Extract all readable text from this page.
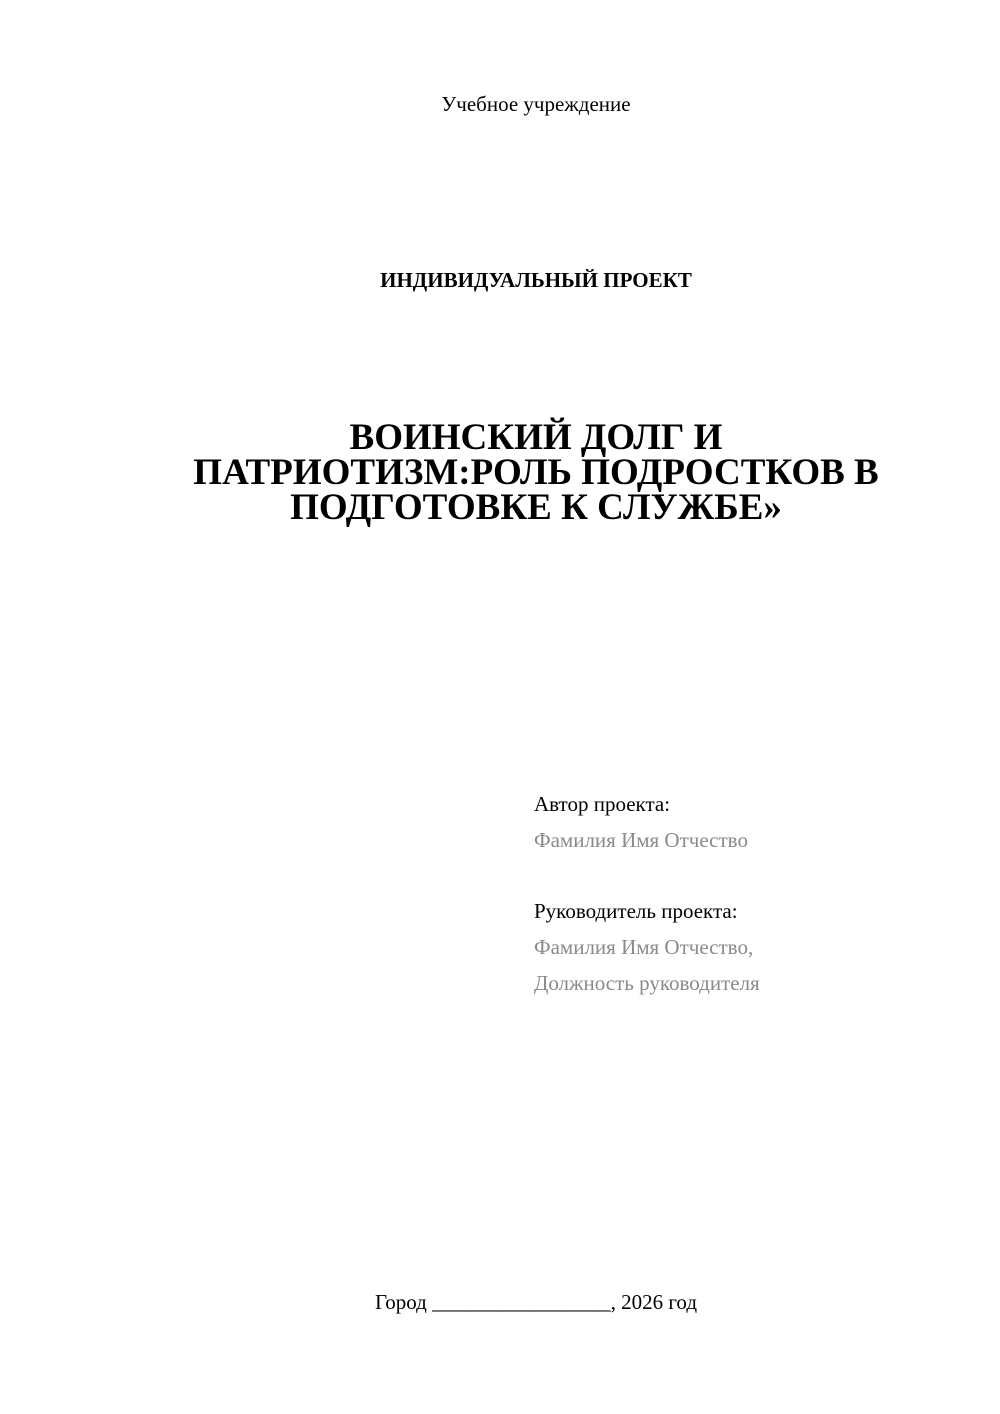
Учебное учреждение
ИНДИВИДУАЛЬНЫЙ ПРОЕКТ
ВОИНСКИЙ ДОЛГ И
ПАТРИОТИЗМ:РОЛЬ ПОДРОСТКОВ В
ПОДГОТОВКЕ К СЛУЖБЕ»
Автор проекта:
Фамилия Имя Отчество
Руководитель проекта:
Фамилия Имя Отчество,
Должность руководителя
Город _________________, 2026 год
